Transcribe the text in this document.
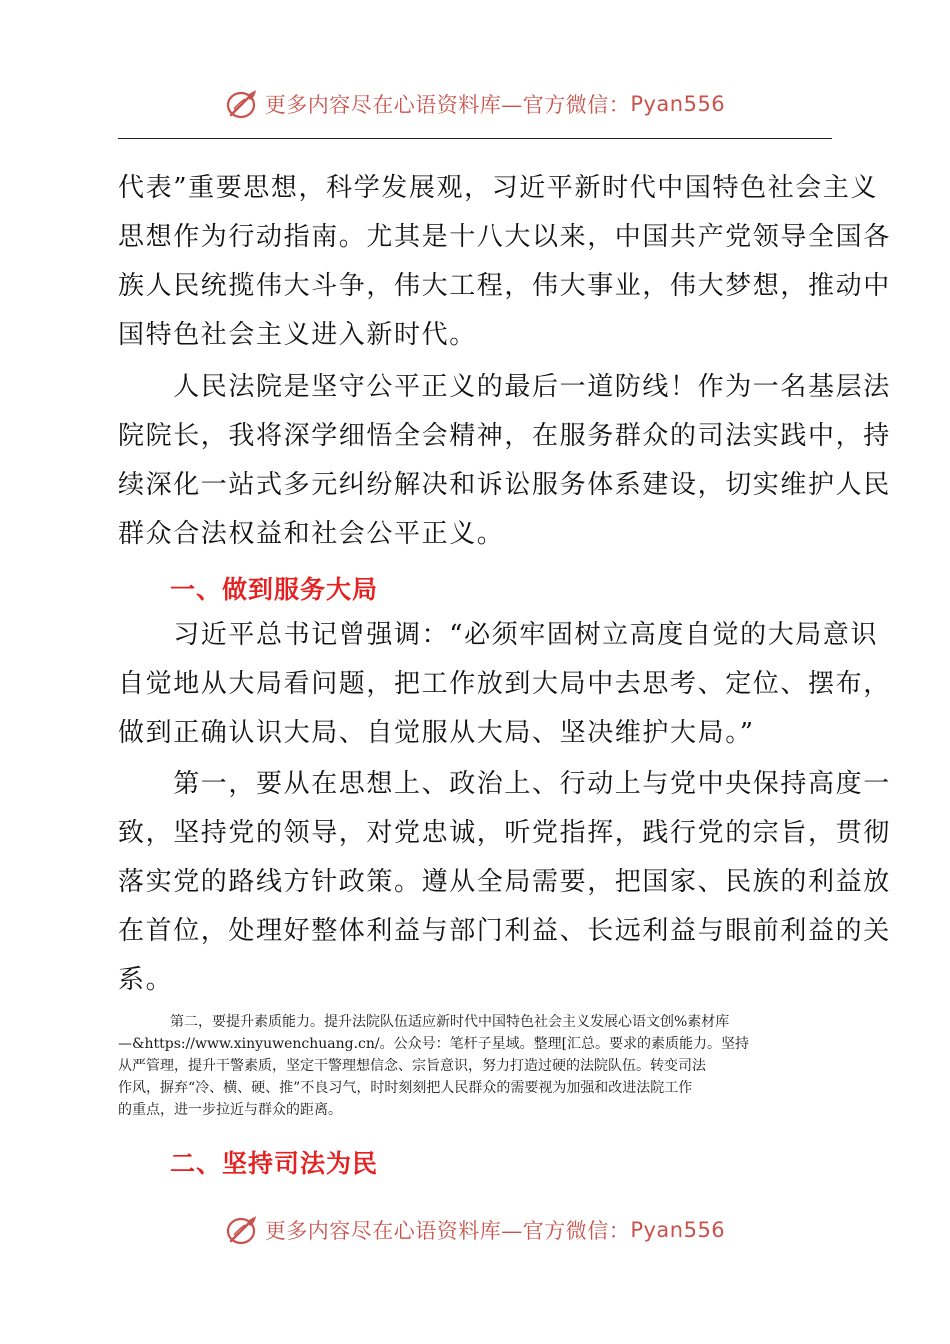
更多内容尽在心语资料库—官方微信： Pyan556
代表”重要思想，科学发展观，习近平新时代中国特色社会主义
思想作为行动指南。尤其是十八大以来，中国共产党领导全国各
族人民统揽伟大斗争，伟大工程，伟大事业，伟大梦想，推动中
国特色社会主义进入新时代。
　　人民法院是坚守公平正义的最后一道防线！作为一名基层法
院院长，我将深学细悟全会精神，在服务群众的司法实践中，持
续深化一站式多元纠纷解决和诉讼服务体系建设，切实维护人民
群众合法权益和社会公平正义。
一、做到服务大局
　　习近平总书记曾强调：“必须牢固树立高度自觉的大局意识
自觉地从大局看问题，把工作放到大局中去思考、定位、摆布，
做到正确认识大局、自觉服从大局、坚决维护大局。”
　　第一，要从在思想上、政治上、行动上与党中央保持高度一
致，坚持党的领导，对党忠诚，听党指挥，践行党的宗旨，贯彻
落实党的路线方针政策。遵从全局需要，把国家、民族的利益放
在首位，处理好整体利益与部门利益、长远利益与眼前利益的关
系。
第二，要提升素质能力。提升法院队伍适应新时代中国特色社会主义发展心语文创%素材库
—&https://www.xinyuwenchuang.cn/。公众号：笔杆子星域。整理[汇总。要求的素质能力。坚持
从严管理，提升干警素质，坚定干警理想信念、宗旨意识，努力打造过硬的法院队伍。转变司法
作风，摒弃“冷、横、硬、推”不良习气，时时刻刻把人民群众的需要视为加强和改进法院工作
的重点，进一步拉近与群众的距离。
二、坚持司法为民
更多内容尽在心语资料库—官方微信： Pyan556
